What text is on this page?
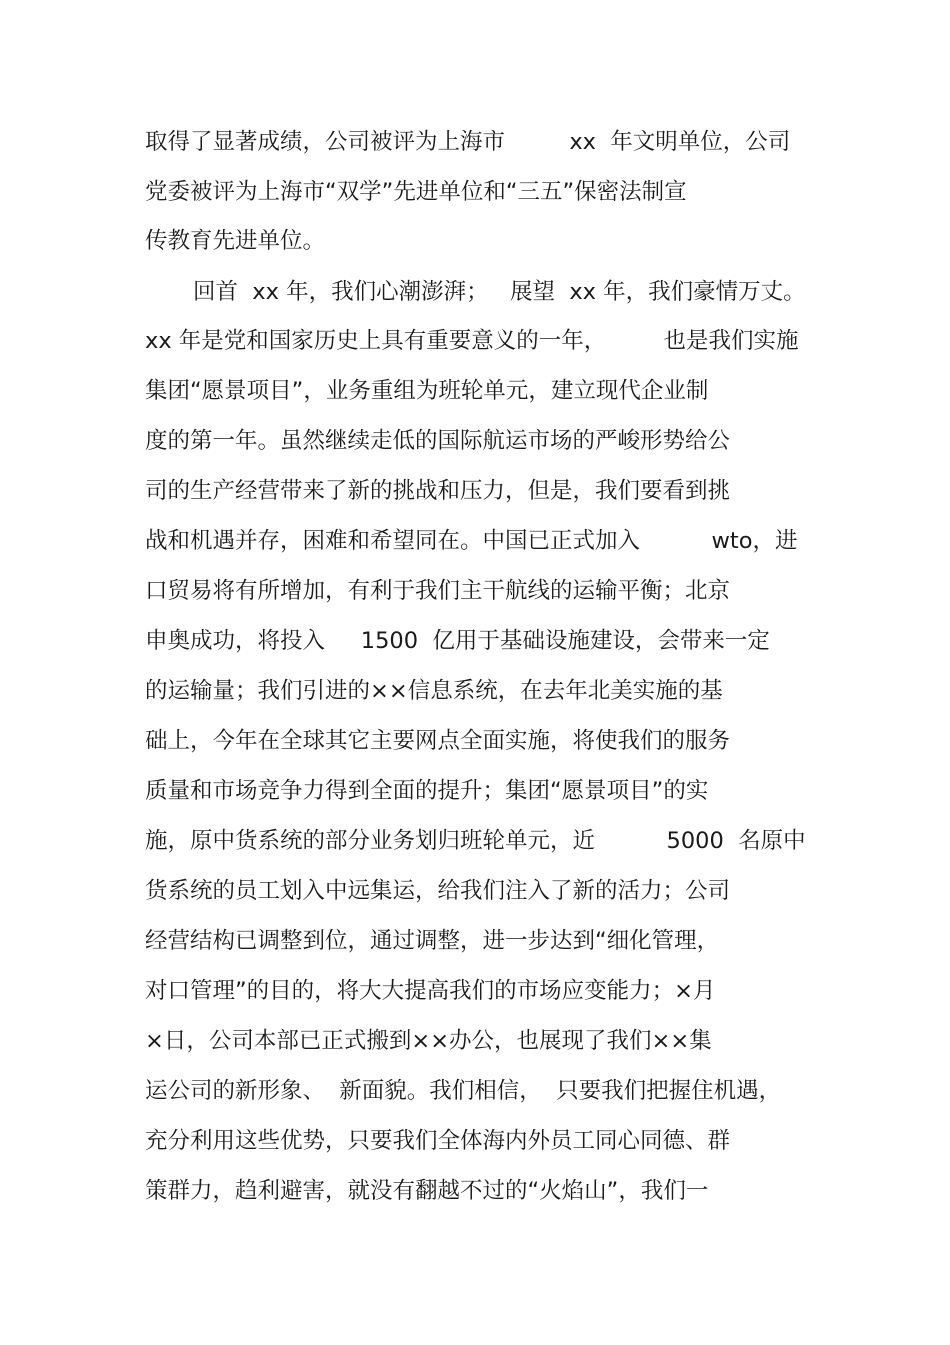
取得了显著成绩，公司被评为上海市         xx  年文明单位，公司
党委被评为上海市“双学”先进单位和“三五”保密法制宣
传教育先进单位。
回首  xx 年，我们心潮澎湃；   展望  xx 年，我们豪情万丈。
xx 年是党和国家历史上具有重要意义的一年，        也是我们实施
集团“愿景项目”，业务重组为班轮单元，建立现代企业制
度的第一年。虽然继续走低的国际航运市场的严峻形势给公
司的生产经营带来了新的挑战和压力，但是，我们要看到挑
战和机遇并存，困难和希望同在。中国已正式加入          wto，进
口贸易将有所增加，有利于我们主干航线的运输平衡；北京
申奥成功，将投入     1500  亿用于基础设施建设，会带来一定
的运输量；我们引进的××信息系统，在去年北美实施的基
础上，今年在全球其它主要网点全面实施，将使我们的服务
质量和市场竞争力得到全面的提升；集团“愿景项目”的实
施，原中货系统的部分业务划归班轮单元，近          5000  名原中
货系统的员工划入中远集运，给我们注入了新的活力；公司
经营结构已调整到位，通过调整，进一步达到“细化管理，
对口管理”的目的，将大大提高我们的市场应变能力；×月
×日，公司本部已正式搬到××办公，也展现了我们××集
运公司的新形象、  新面貌。我们相信，  只要我们把握住机遇，
充分利用这些优势，只要我们全体海内外员工同心同德、群
策群力，趋利避害，就没有翻越不过的“火焰山”，我们一
